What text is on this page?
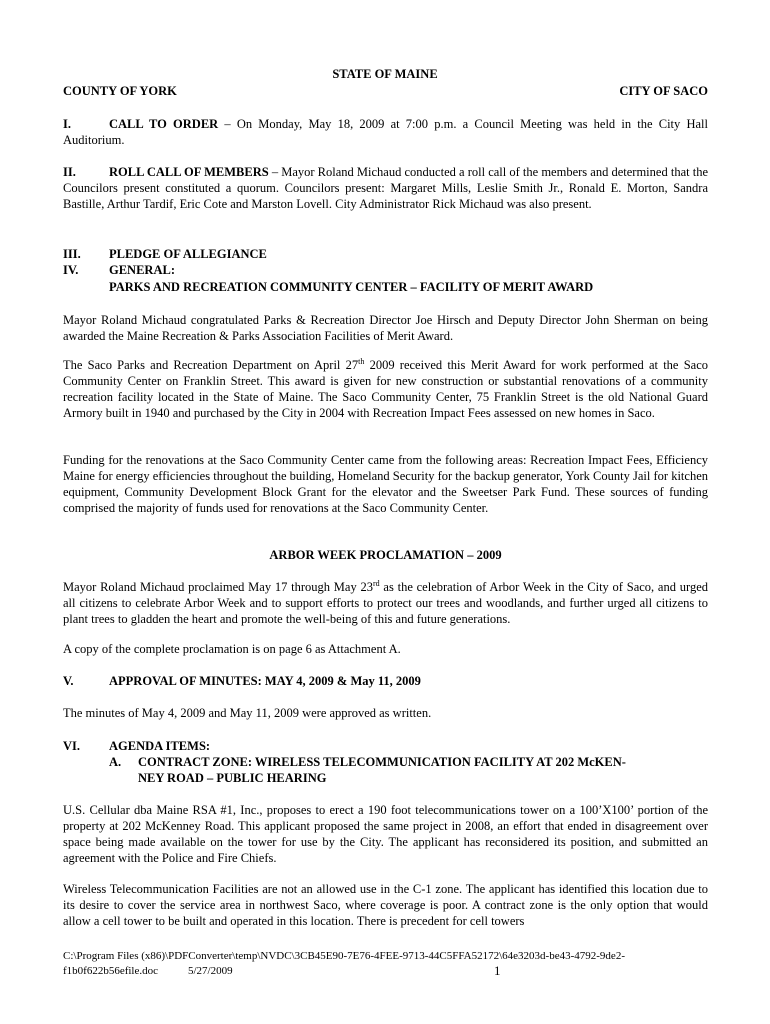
STATE OF MAINE
COUNTY OF YORK	CITY OF SACO
I.	CALL TO ORDER – On Monday, May 18, 2009 at 7:00 p.m. a Council Meeting was held in the City Hall Auditorium.

II.	ROLL CALL OF MEMBERS – Mayor Roland Michaud conducted a roll call of the members and determined that the Councilors present constituted a quorum. Councilors present: Margaret Mills, Leslie Smith Jr., Ronald E. Morton, Sandra Bastille, Arthur Tardif, Eric Cote and Marston Lovell. City Administrator Rick Michaud was also present.

III. PLEDGE OF ALLEGIANCE
IV. GENERAL:
PARKS AND RECREATION COMMUNITY CENTER – FACILITY OF MERIT AWARD

Mayor Roland Michaud congratulated Parks & Recreation Director Joe Hirsch and Deputy Director John Sherman on being awarded the Maine Recreation & Parks Association Facilities of Merit Award.

The Saco Parks and Recreation Department on April 27th 2009 received this Merit Award for work performed at the Saco Community Center on Franklin Street. This award is given for new construction or substantial renovations of a community recreation facility located in the State of Maine. The Saco Community Center, 75 Franklin Street is the old National Guard Armory built in 1940 and purchased by the City in 2004 with Recreation Impact Fees assessed on new homes in Saco.

Funding for the renovations at the Saco Community Center came from the following areas: Recreation Impact Fees, Efficiency Maine for energy efficiencies throughout the building, Homeland Security for the backup generator, York County Jail for kitchen equipment, Community Development Block Grant for the elevator and the Sweetser Park Fund. These sources of funding comprised the majority of funds used for renovations at the Saco Community Center.

ARBOR WEEK PROCLAMATION – 2009

Mayor Roland Michaud proclaimed May 17 through May 23rd as the celebration of Arbor Week in the City of Saco, and urged all citizens to celebrate Arbor Week and to support efforts to protect our trees and woodlands, and further urged all citizens to plant trees to gladden the heart and promote the well-being of this and future generations.

A copy of the complete proclamation is on page 6 as Attachment A.

V.	APPROVAL OF MINUTES: MAY 4, 2009 & May 11, 2009

The minutes of May 4, 2009 and May 11, 2009 were approved as written.

VI. AGENDA ITEMS:
A. CONTRACT ZONE: WIRELESS TELECOMMUNICATION FACILITY AT 202 McKEN-
NEY ROAD – PUBLIC HEARING

U.S. Cellular dba Maine RSA #1, Inc., proposes to erect a 190 foot telecommunications tower on a 100’X100’ portion of the property at 202 McKenney Road. This applicant proposed the same project in 2008, an effort that ended in disagreement over space being made available on the tower for use by the City. The applicant has reconsidered its position, and submitted an agreement with the Police and Fire Chiefs.

Wireless Telecommunication Facilities are not an allowed use in the C-1 zone. The applicant has identified this location due to its desire to cover the service area in northwest Saco, where coverage is poor. A contract zone is the only option that would allow a cell tower to be built and operated in this location. There is precedent for cell towers

C:\Program Files (x86)\PDFConverter\temp\NVDC\3CB45E90-7E76-4FEE-9713-44C5FFA52172\64e3203d-be43-4792-9de2-
f1b0f622b56efile.doc	5/27/2009	1
